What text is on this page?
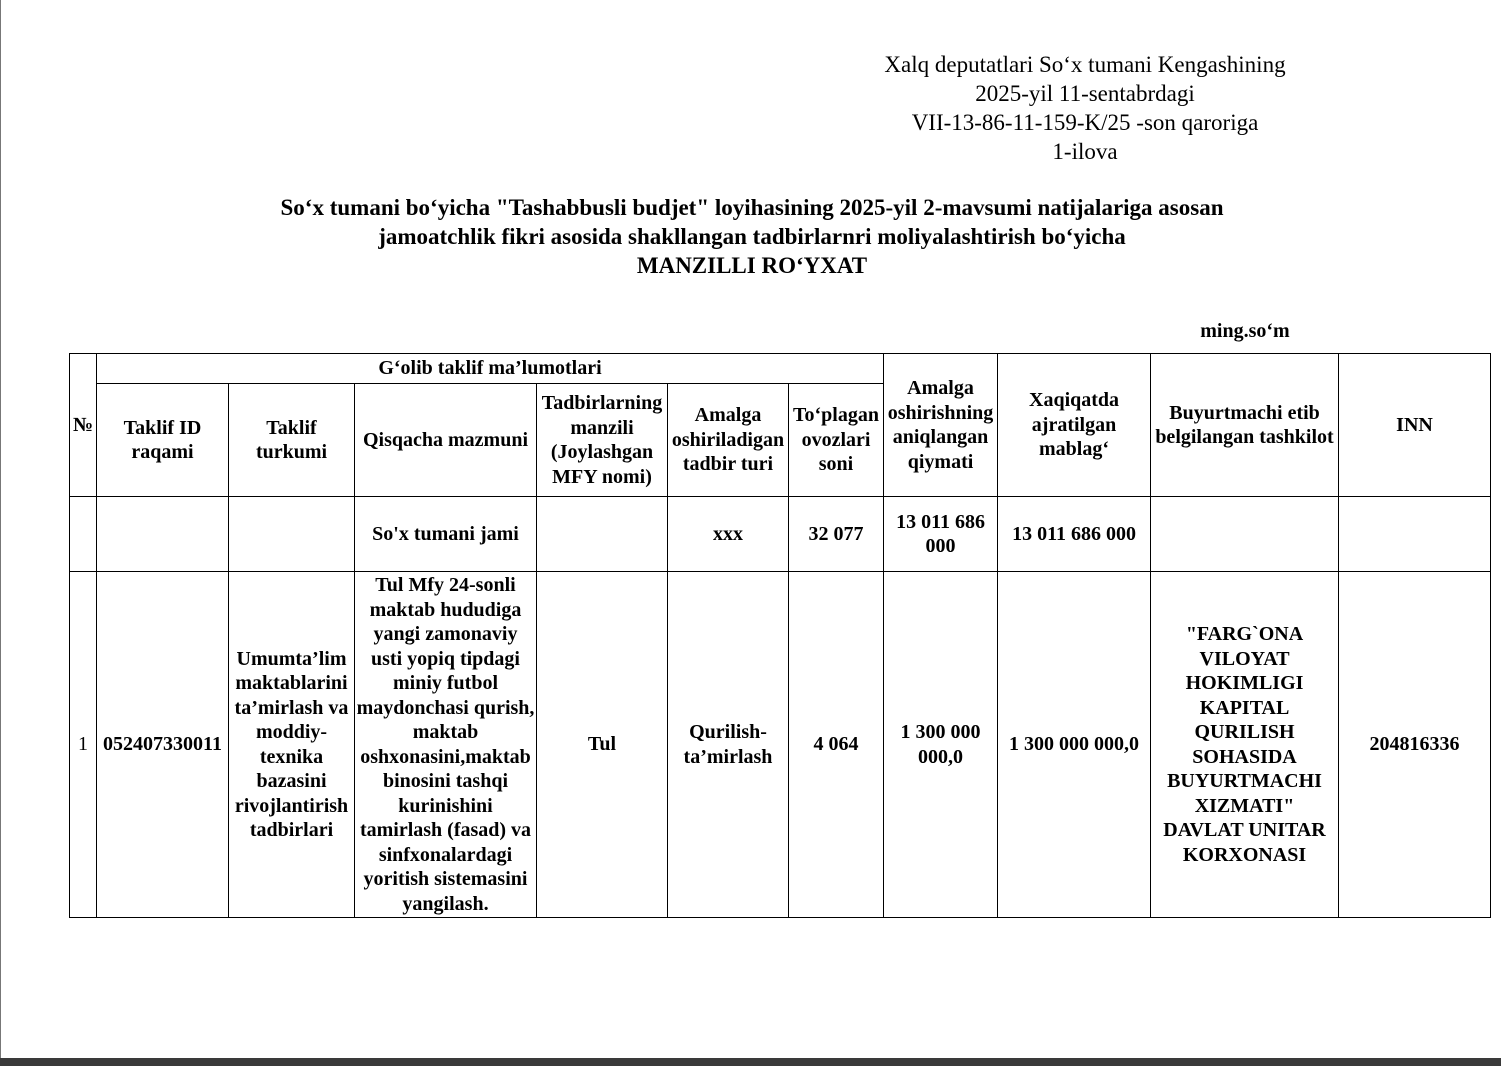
Xalq deputatlari So‘x tumani Kengashining
2025-yil 11-sentabrdagi
VII-13-86-11-159-K/25 -son qaroriga
1-ilova
So‘x tumani bo‘yicha "Tashabbusli budjet" loyihasining 2025-yil 2-mavsumi natijalariga asosan
jamoatchlik fikri asosida shakllangan tadbirlarnri moliyalashtirish bo‘yicha
MANZILLI RO‘YXAT
ming.so‘m
№	G‘olib taklif ma’lumotlari						Amalga oshirishning aniqlangan qiymati	Xaqiqatda ajratilgan mablag‘	Buyurtmachi etib belgilangan tashkilot	INN
	Taklif ID raqami	Taklif turkumi	Qisqacha mazmuni	Tadbirlarning manzili (Joylashgan MFY nomi)	Amalga oshiriladigan tadbir turi	To‘plagan ovozlari soni				
			So'x tumani jami		xxx	32 077	13 011 686 000	13 011 686 000		
1	052407330011	Umumta’lim maktablarini ta’mirlash va moddiy-texnika bazasini rivojlantirish tadbirlari	Tul Mfy 24-sonli maktab hududiga yangi zamonaviy usti yopiq tipdagi miniy futbol maydonchasi qurish, maktab oshxonasini,maktab binosini tashqi kurinishini tamirlash (fasad) va sinfxonalardagi yoritish sistemasini yangilash.	Tul	Qurilish-ta’mirlash	4 064	1 300 000 000,0	1 300 000 000,0	"FARG`ONA VILOYAT HOKIMLIGI KAPITAL QURILISH SOHASIDA BUYURTMACHI XIZMATI" DAVLAT UNITAR KORXONASI	204816336
